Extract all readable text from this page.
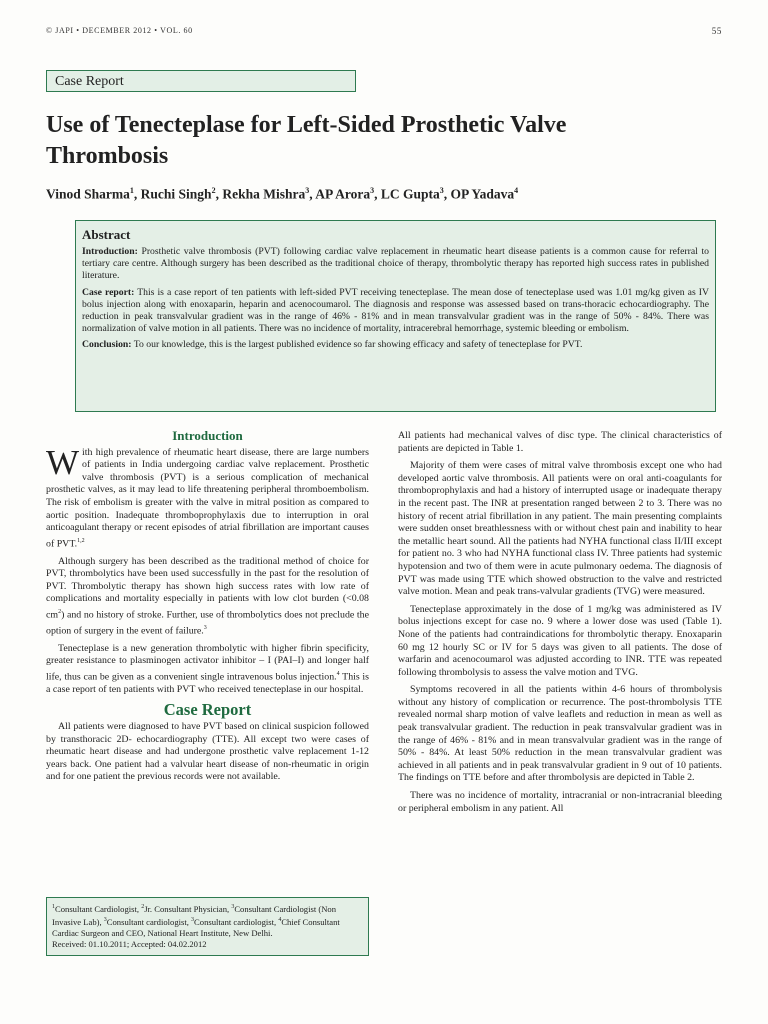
© JAPI • DECEMBER 2012 • VOL. 60	55
Case Report
Use of Tenecteplase for Left-Sided Prosthetic Valve Thrombosis
Vinod Sharma$^1$, Ruchi Singh$^2$, Rekha Mishra$^3$, AP Arora$^3$, LC Gupta$^3$, OP Yadava$^4$
Abstract

Introduction: Prosthetic valve thrombosis (PVT) following cardiac valve replacement in rheumatic heart disease patients is a common cause for referral to tertiary care centre. Although surgery has been described as the traditional choice of therapy, thrombolytic therapy has reported high success rates in published literature.

Case report: This is a case report of ten patients with left-sided PVT receiving tenecteplase. The mean dose of tenecteplase used was 1.01 mg/kg given as IV bolus injection along with enoxaparin, heparin and acenocoumarol. The diagnosis and response was assessed based on trans-thoracic echocardiography. The reduction in peak transvalvular gradient was in the range of 46% - 81% and in mean transvalvular gradient was in the range of 50% - 84%. There was normalization of valve motion in all patients. There was no incidence of mortality, intracerebral hemorrhage, systemic bleeding or embolism.

Conclusion: To our knowledge, this is the largest published evidence so far showing efficacy and safety of tenecteplase for PVT.

Introduction

With high prevalence of rheumatic heart disease, there are large numbers of patients in India undergoing cardiac valve replacement. Prosthetic valve thrombosis (PVT) is a serious complication of mechanical prosthetic valves, as it may lead to life threatening peripheral thromboembolism. The risk of embolism is greater with the valve in mitral position as compared to aortic position. Inadequate thromboprophylaxis due to interruption in oral anticoagulant therapy or recent episodes of atrial fibrillation are important causes of PVT.$^{1,2}$

Although surgery has been described as the traditional method of choice for PVT, thrombolytics have been used successfully in the past for the resolution of PVT. Thrombolytic therapy has shown high success rates with low rate of complications and mortality especially in patients with low clot burden (<0.08 $cm^2$) and no history of stroke. Further, use of thrombolytics does not preclude the option of surgery in the event of failure.$^3$

Tenecteplase is a new generation thrombolytic with higher fibrin specificity, greater resistance to plasminogen activator inhibitor – I (PAI–I) and longer half life, thus can be given as a convenient single intravenous bolus injection.$^4$ This is a case report of ten patients with PVT who received tenecteplase in our hospital.

Case Report

All patients were diagnosed to have PVT based on clinical suspicion followed by transthoracic 2D- echocardiography (TTE). All except two were cases of rheumatic heart disease and had undergone prosthetic valve replacement 1-12 years back. One patient had a valvular heart disease of non-rheumatic in origin and for one patient the previous records were not available.

$^1$Consultant Cardiologist, $^2$Jr. Consultant Physician, $^3$Consultant Cardiologist (Non Invasive Lab), $^3$Consultant cardiologist, $^3$Consultant cardiologist, $^4$Chief Consultant Cardiac Surgeon and CEO, National Heart Institute, New Delhi.
Received: 01.10.2011; Accepted: 04.02.2012

All patients had mechanical valves of disc type. The clinical characteristics of patients are depicted in Table 1.

Majority of them were cases of mitral valve thrombosis except one who had developed aortic valve thrombosis. All patients were on oral anti-coagulants for thromboprophylaxis and had a history of interrupted usage or inadequate therapy in the recent past. The INR at presentation ranged between 2 to 3. There was no history of recent atrial fibrillation in any patient. The main presenting complaints were sudden onset breathlessness with or without chest pain and inability to hear the metallic heart sound. All the patients had NYHA functional class II/III except for patient no. 3 who had NYHA functional class IV. Three patients had systemic hypotension and two of them were in acute pulmonary oedema. The diagnosis of PVT was made using TTE which showed obstruction to the valve and restricted valve motion. Mean and peak trans-valvular gradients (TVG) were measured.

Tenecteplase approximately in the dose of 1 mg/kg was administered as IV bolus injections except for case no. 9 where a lower dose was used (Table 1). None of the patients had contraindications for thrombolytic therapy. Enoxaparin 60 mg 12 hourly SC or IV for 5 days was given to all patients. The dose of warfarin and acenocoumarol was adjusted according to INR. TTE was repeated following thrombolysis to assess the valve motion and TVG.

Symptoms recovered in all the patients within 4-6 hours of thrombolysis without any history of complication or recurrence. The post-thrombolysis TTE revealed normal sharp motion of valve leaflets and reduction in mean as well as peak transvalvular gradient. The reduction in peak transvalvular gradient was in the range of 46% - 81% and in mean transvalvular gradient was in the range of 50% - 84%. At least 50% reduction in the mean transvalvular gradient was achieved in all patients and in peak transvalvular gradient in 9 out of 10 patients. The findings on TTE before and after thrombolysis are depicted in Table 2.

There was no incidence of mortality, intracranial or non-intracranial bleeding or peripheral embolism in any patient. All
